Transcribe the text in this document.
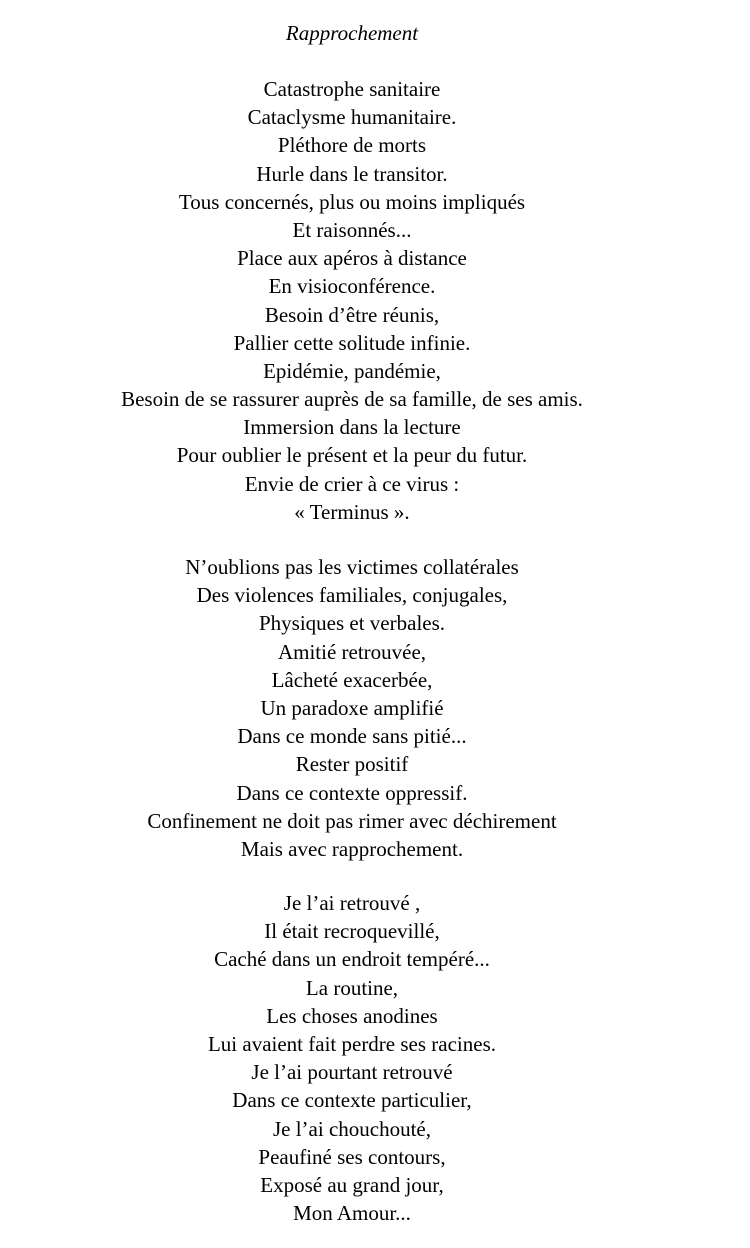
Rapprochement
Catastrophe sanitaire
Cataclysme humanitaire.
Pléthore de morts
Hurle dans le transitor.
Tous concernés, plus ou moins impliqués
Et raisonnés...
Place aux apéros à distance
En visioconférence.
Besoin d’être réunis,
Pallier cette solitude infinie.
Epidémie, pandémie,
Besoin de se rassurer auprès de sa famille, de ses amis.
Immersion dans la lecture
Pour oublier le présent et la peur du futur.
Envie de crier à ce virus :
« Terminus ».
N’oublions pas les victimes collatérales
Des violences familiales, conjugales,
Physiques et verbales.
Amitié retrouvée,
Lâcheté exacerbée,
Un paradoxe amplifié
Dans ce monde sans pitié...
Rester positif
Dans ce contexte oppressif.
Confinement ne doit pas rimer avec déchirement
Mais avec rapprochement.
Je l’ai retrouvé ,
Il était recroquevillé,
Caché dans un endroit tempéré...
La routine,
Les choses anodines
Lui avaient fait perdre ses racines.
Je l’ai pourtant retrouvé
Dans ce contexte particulier,
Je l’ai chouchouté,
Peaufiné ses contours,
Exposé au grand jour,
Mon Amour...
